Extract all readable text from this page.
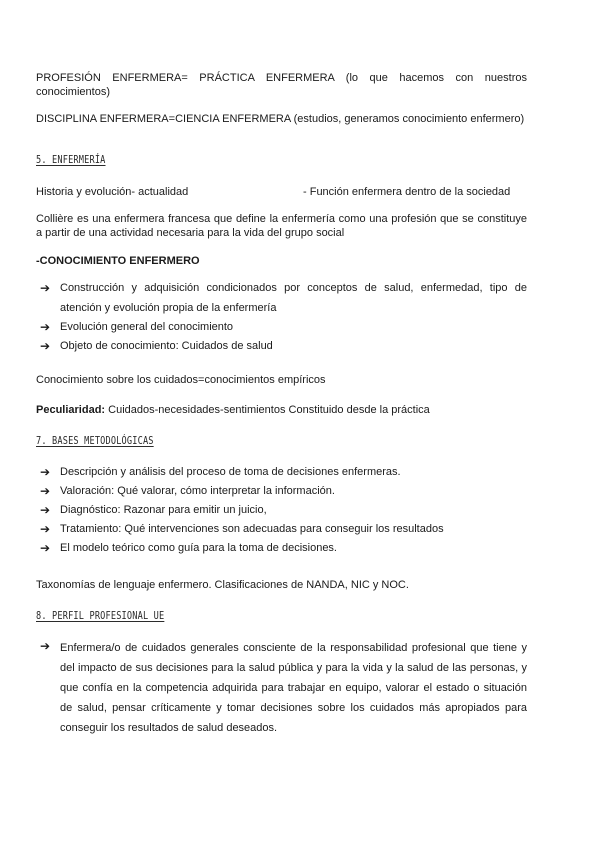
PROFESIÓN ENFERMERA= PRÁCTICA ENFERMERA (lo que hacemos con nuestros conocimientos)

DISCIPLINA ENFERMERA=CIENCIA ENFERMERA (estudios, generamos conocimiento enfermero)

5. ENFERMERÍA
Historia y evolución- actualidad	- Función enfermera dentro de la sociedad

Collière es una enfermera francesa que define la enfermería como una profesión que se constituye a partir de una actividad necesaria para la vida del grupo social

-CONOCIMIENTO ENFERMERO
➔ Construcción y adquisición condicionados por conceptos de salud, enfermedad, tipo de atención y evolución propia de la enfermería
➔ Evolución general del conocimiento
➔ Objeto de conocimiento: Cuidados de salud
Conocimiento sobre los cuidados=conocimientos empíricos
Peculiaridad: Cuidados-necesidades-sentimientos Constituido desde la práctica
7. BASES METODOLÓGICAS
➔ Descripción y análisis del proceso de toma de decisiones enfermeras.
➔ Valoración: Qué valorar, cómo interpretar la información.
➔ Diagnóstico: Razonar para emitir un juicio,
➔ Tratamiento: Qué intervenciones son adecuadas para conseguir los resultados
➔ El modelo teórico como guía para la toma de decisiones.
Taxonomías de lenguaje enfermero. Clasificaciones de NANDA, NIC y NOC.
8. PERFIL PROFESIONAL UE
➔ Enfermera/o de cuidados generales consciente de la responsabilidad profesional que tiene y del impacto de sus decisiones para la salud pública y para la vida y la salud de las personas, y que confía en la competencia adquirida para trabajar en equipo, valorar el estado o situación de salud, pensar críticamente y tomar decisiones sobre los cuidados más apropiados para conseguir los resultados de salud deseados.
